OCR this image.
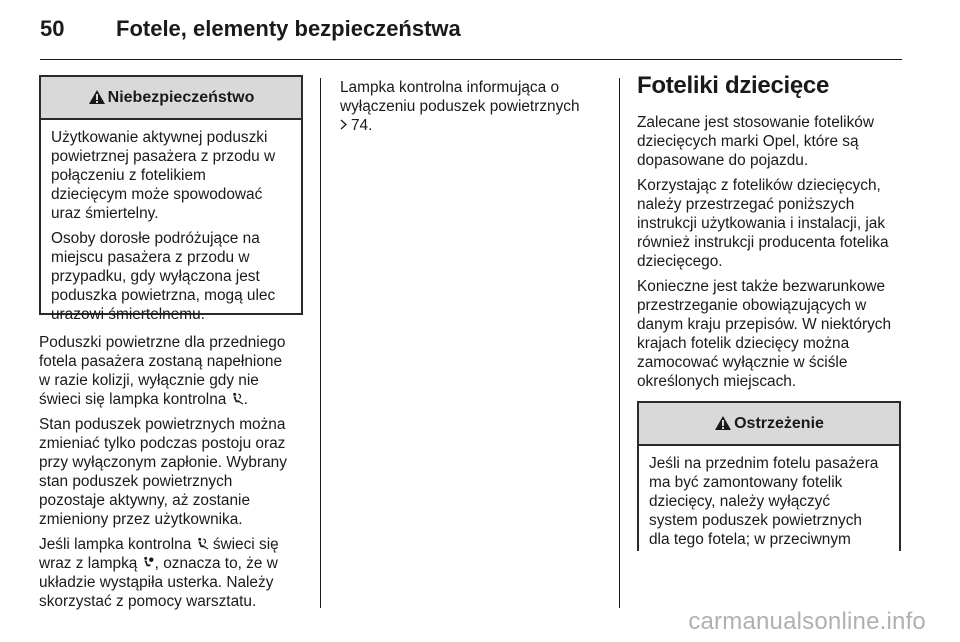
50 Fotele, elementy bezpieczeństwa
Niebezpieczeństwo

Użytkowanie aktywnej poduszki
powietrznej pasażera z przodu w
połączeniu z fotelikiem
dziecięcym może spowodować
uraz śmiertelny.

Osoby dorosłe podróżujące na
miejscu pasażera z przodu w
przypadku, gdy wyłączona jest
poduszka powietrzna, mogą ulec
urazowi śmiertelnemu.

Poduszki powietrzne dla przedniego
fotela pasażera zostaną napełnione
w razie kolizji, wyłącznie gdy nie
świeci się lampka kontrolna .

Stan poduszek powietrznych można
zmieniać tylko podczas postoju oraz
przy wyłączonym zapłonie. Wybrany
stan poduszek powietrznych
pozostaje aktywny, aż zostanie
zmieniony przez użytkownika.

Jeśli lampka kontrolna  świeci się
wraz z lampką , oznacza to, że w
układzie wystąpiła usterka. Należy
skorzystać z pomocy warsztatu.

Lampka kontrolna informująca o
wyłączeniu poduszek powietrznych
74.

Foteliki dziecięce

Zalecane jest stosowanie fotelików
dziecięcych marki Opel, które są
dopasowane do pojazdu.

Korzystając z fotelików dziecięcych,
należy przestrzegać poniższych
instrukcji użytkowania i instalacji, jak
również instrukcji producenta fotelika
dziecięcego.

Konieczne jest także bezwarunkowe
przestrzeganie obowiązujących w
danym kraju przepisów. W niektórych
krajach fotelik dziecięcy można
zamocować wyłącznie w ściśle
określonych miejscach.

Ostrzeżenie

Jeśli na przednim fotelu pasażera
ma być zamontowany fotelik
dziecięcy, należy wyłączyć
system poduszek powietrznych
dla tego fotela; w przeciwnym

carmanualsonline.info
